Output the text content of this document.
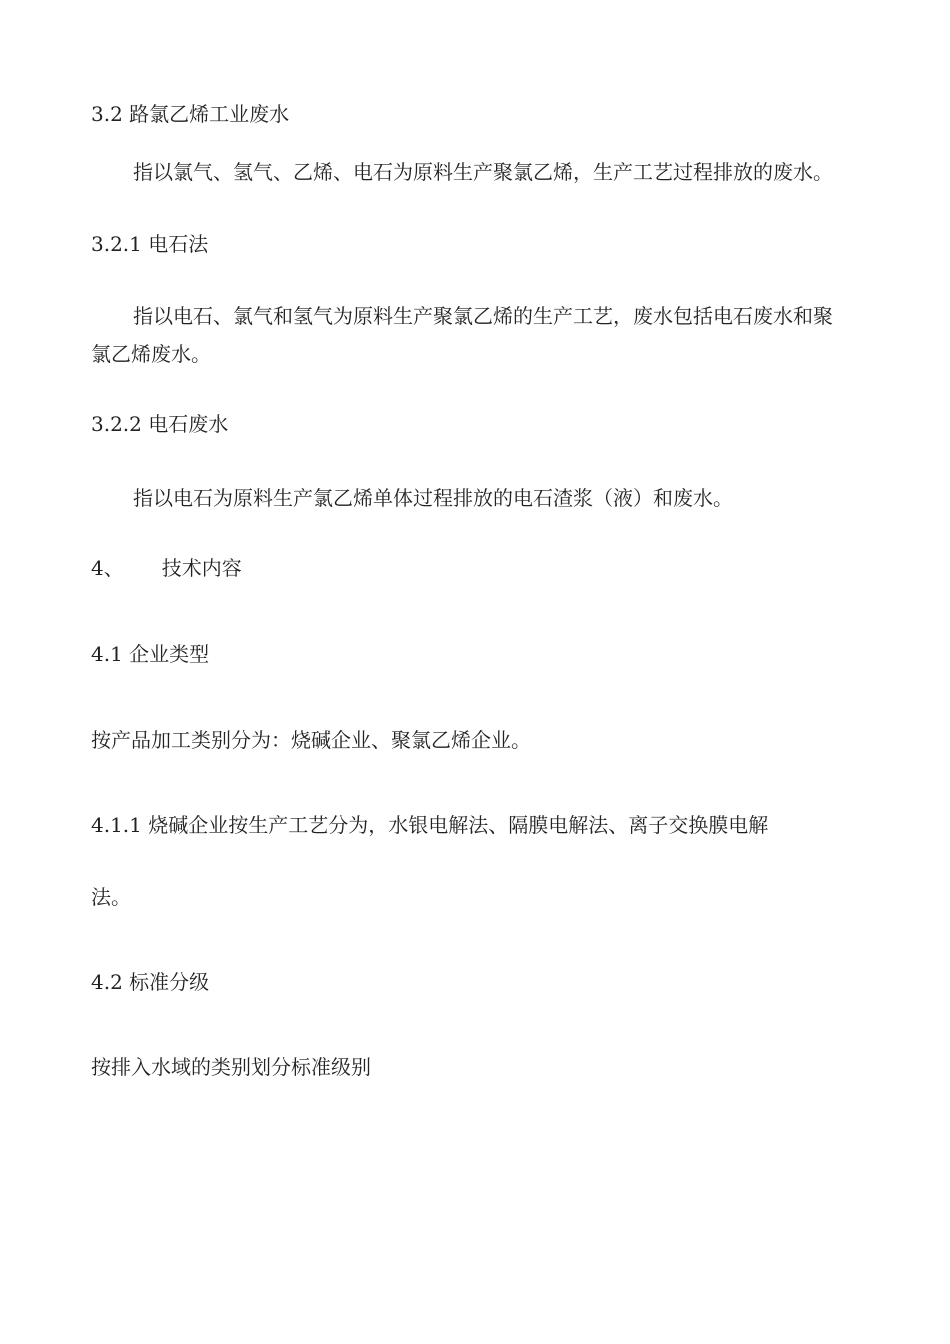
3.2 路氯乙烯工业废水

指以氯气、氢气、乙烯、电石为原料生产聚氯乙烯，生产工艺过程排放的废水。

3.2.1 电石法

指以电石、氯气和氢气为原料生产聚氯乙烯的生产工艺，废水包括电石废水和聚

氯乙烯废水。

3.2.2 电石废水

指以电石为原料生产氯乙烯单体过程排放的电石渣浆（液）和废水。

4、 技术内容

4.1 企业类型

按产品加工类别分为：烧碱企业、聚氯乙烯企业。

4.1.1 烧碱企业按生产工艺分为，水银电解法、隔膜电解法、离子交换膜电解

法。

4.2 标准分级

按排入水域的类别划分标准级别
